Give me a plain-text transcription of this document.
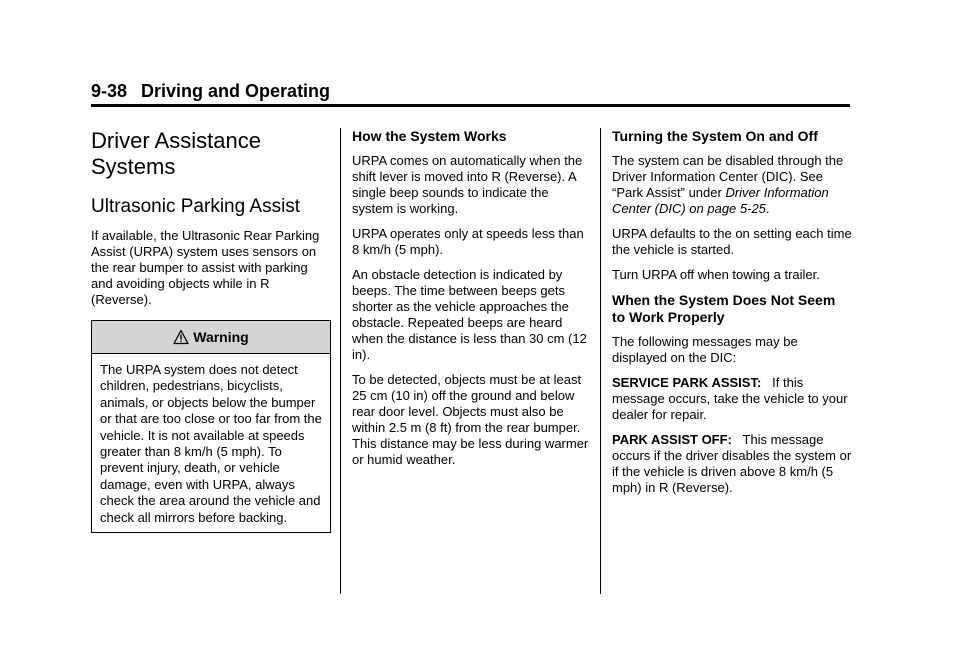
9-38 Driving and Operating
Driver Assistance
Systems
Ultrasonic Parking Assist

If available, the Ultrasonic Rear Parking Assist (URPA) system uses sensors on the rear bumper to assist with parking and avoiding objects while in R (Reverse).

Warning
The URPA system does not detect children, pedestrians, bicyclists, animals, or objects below the bumper or that are too close or too far from the vehicle. It is not available at speeds greater than 8 km/h (5 mph). To prevent injury, death, or vehicle damage, even with URPA, always check the area around the vehicle and check all mirrors before backing.
How the System Works

URPA comes on automatically when the shift lever is moved into R (Reverse). A single beep sounds to indicate the system is working.

URPA operates only at speeds less than 8 km/h (5 mph).

An obstacle detection is indicated by beeps. The time between beeps gets shorter as the vehicle approaches the obstacle. Repeated beeps are heard when the distance is less than 30 cm (12 in).

To be detected, objects must be at least 25 cm (10 in) off the ground and below rear door level. Objects must also be within 2.5 m (8 ft) from the rear bumper. This distance may be less during warmer or humid weather.

Turning the System On and Off

The system can be disabled through the Driver Information Center (DIC). See “Park Assist” under Driver Information Center (DIC) on page 5-25.

URPA defaults to the on setting each time the vehicle is started.

Turn URPA off when towing a trailer.

When the System Does Not Seem to Work Properly

The following messages may be displayed on the DIC:

SERVICE PARK ASSIST: If this message occurs, take the vehicle to your dealer for repair.

PARK ASSIST OFF: This message occurs if the driver disables the system or if the vehicle is driven above 8 km/h (5 mph) in R (Reverse).
